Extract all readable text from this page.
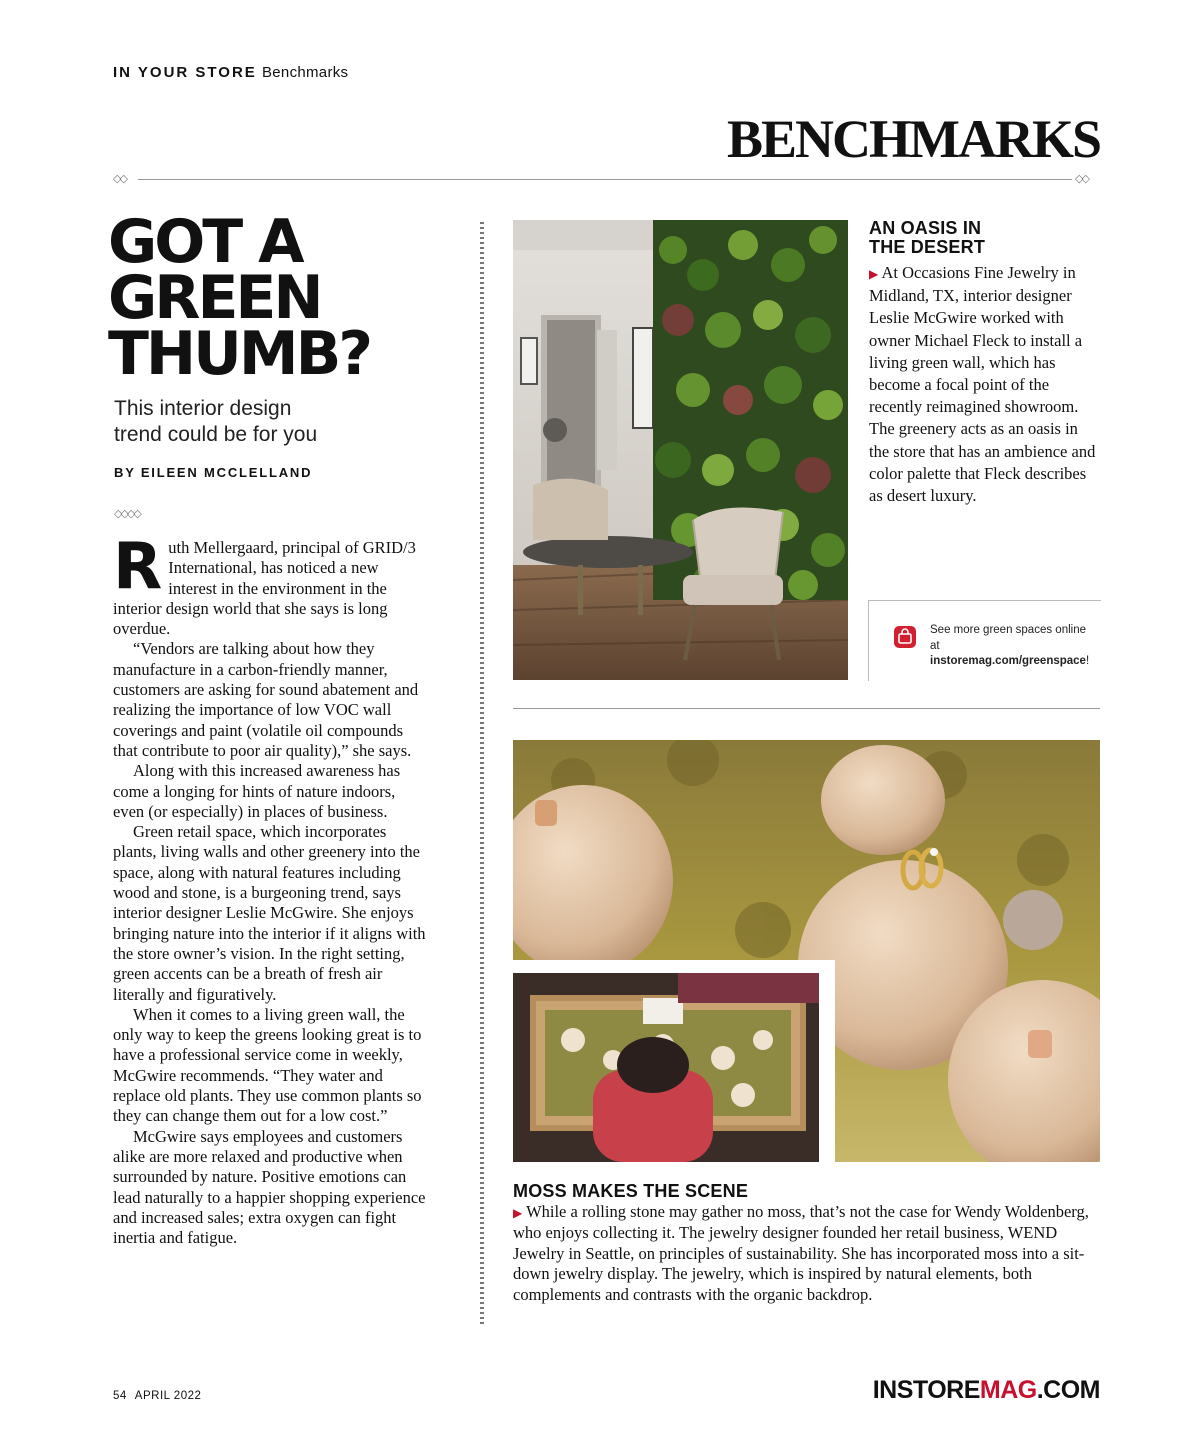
IN YOUR STORE Benchmarks
BENCHMARKS
◇◇	◇◇
GOT A
GREEN
THUMB?
This interior design
trend could be for you
BY EILEEN MCCLELLAND
◇◇◇◇

R uth Mellergaard, principal of GRID/3
International, has noticed a new interest in the environment in the interior design world that she says is long overdue.

“Vendors are talking about how they manufacture in a carbon-friendly manner, customers are asking for sound abatement and realizing the importance of low VOC wall coverings and paint (volatile oil compounds that contribute to poor air quality),” she says.

Along with this increased awareness has come a longing for hints of nature indoors, even (or especially) in places of business.

Green retail space, which incorporates plants, living walls and other greenery into the space, along with natural features including wood and stone, is a burgeoning trend, says interior designer Leslie McGwire. She enjoys bringing nature into the interior if it aligns with the store owner’s vision. In the right setting, green accents can be a breath of fresh air literally and figuratively.

When it comes to a living green wall, the only way to keep the greens looking great is to have a professional service come in weekly, McGwire recommends. “They water and replace old plants. They use common plants so they can change them out for a low cost.”

McGwire says employees and customers alike are more relaxed and productive when surrounded by nature. Positive emotions can lead naturally to a happier shopping experience and increased sales; extra oxygen can fight inertia and fatigue.

AN OASIS IN
THE DESERT
▶ At Occasions Fine Jewelry in Midland, TX, interior designer Leslie McGwire worked with owner Michael Fleck to install a living green wall, which has become a focal point of the recently reimagined showroom. The greenery acts as an oasis in the store that has an ambience and color palette that Fleck describes as desert luxury.
See more green spaces online at instoremag.com/greenspace!
MOSS MAKES THE SCENE
▶ While a rolling stone may gather no moss, that’s not the case for Wendy Woldenberg, who enjoys collecting it. The jewelry designer founded her retail business, WEND Jewelry in Seattle, on principles of sustainability. She has incorporated moss into a sit-down jewelry display. The jewelry, which is inspired by natural elements, both complements and contrasts with the organic backdrop.
54 APRIL 2022	INSTOREMAG.COM
